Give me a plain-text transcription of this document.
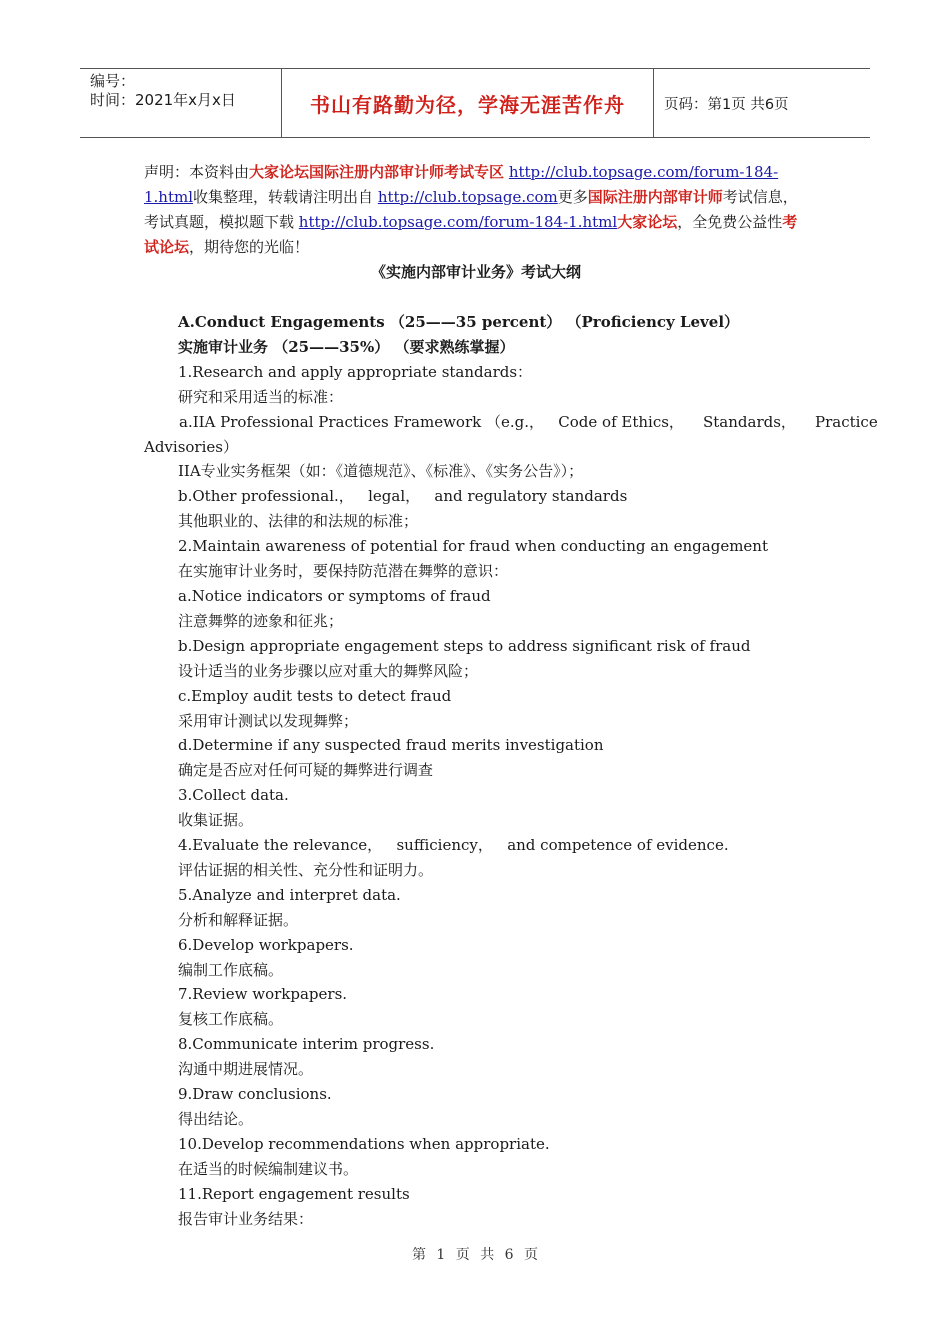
编号：
时间：2021年x月x日	书山有路勤为径，学海无涯苦作舟	页码：第1页 共6页
声明：本资料由大家论坛国际注册内部审计师考试专区 http://club.topsage.com/forum-184-1.html收集整理，转载请注明出自 http://club.topsage.com更多国际注册内部审计师考试信息，考试真题，模拟题下载 http://club.topsage.com/forum-184-1.html大家论坛，全免费公益性考试论坛，期待您的光临！
《实施内部审计业务》考试大纲
A.Conduct Engagements （25——35 percent） （Proficiency Level）
实施审计业务 （25——35%） （要求熟练掌握）
1.Research and apply appropriate standards：
研究和采用适当的标准：
a.IIA Professional Practices Framework （e.g.，   Code of Ethics，    Standards，    Practice
Advisories）
IIA专业实务框架（如：《道德规范》、《标准》、《实务公告》）；
b.Other professional.，   legal，   and regulatory standards
其他职业的、法律的和法规的标准；
2.Maintain awareness of potential for fraud when conducting an engagement
在实施审计业务时，要保持防范潜在舞弊的意识：
a.Notice indicators or symptoms of fraud
注意舞弊的迹象和征兆；
b.Design appropriate engagement steps to address significant risk of fraud
设计适当的业务步骤以应对重大的舞弊风险；
c.Employ audit tests to detect fraud
采用审计测试以发现舞弊；
d.Determine if any suspected fraud merits investigation
确定是否应对任何可疑的舞弊进行调查
3.Collect data.
收集证据。
4.Evaluate the relevance，   sufficiency，   and competence of evidence.
评估证据的相关性、充分性和证明力。
5.Analyze and interpret data.
分析和解释证据。
6.Develop workpapers.
编制工作底稿。
7.Review workpapers.
复核工作底稿。
8.Communicate interim progress.
沟通中期进展情况。
9.Draw conclusions.
得出结论。
10.Develop recommendations when appropriate.
在适当的时候编制建议书。
11.Report engagement results
报告审计业务结果：
第 1 页 共 6 页
